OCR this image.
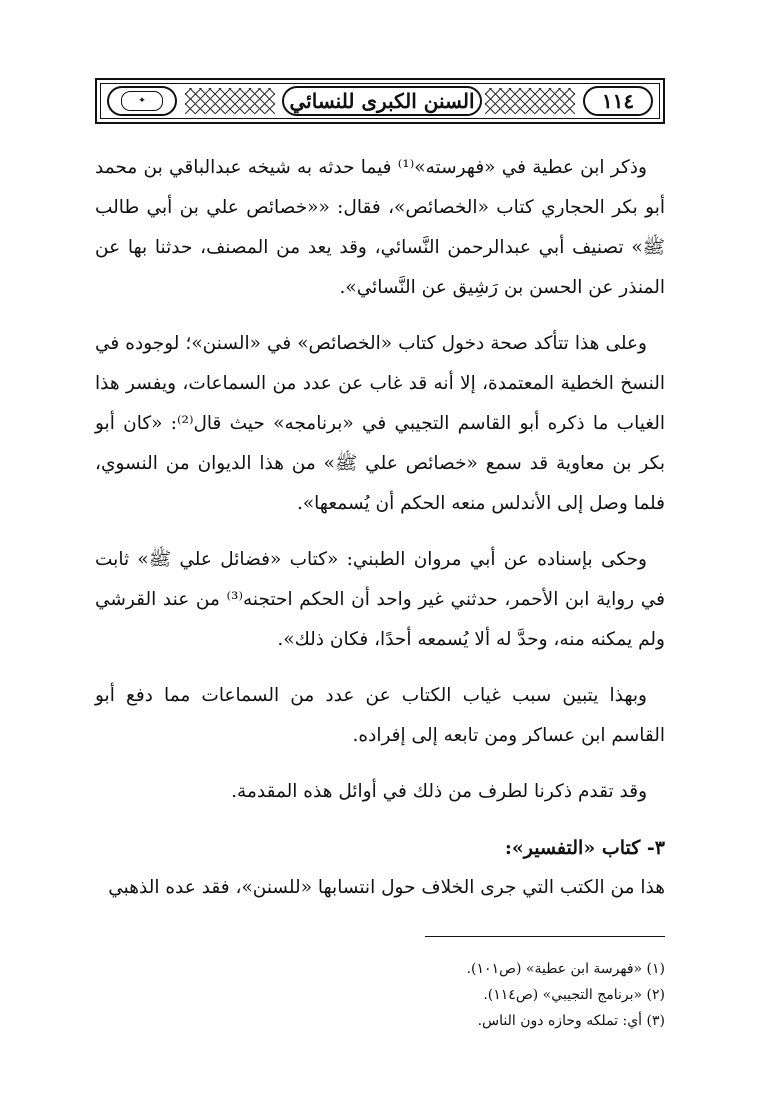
✦	السنن الكبرى للنسائي	١١٤

وذكر ابن عطية في «فهرسته»⁽¹⁾ فيما حدثه به شيخه عبدالباقي بن محمد أبو بكر الحجاري كتاب «الخصائص»، فقال: ««خصائص علي بن أبي طالب ﷺ» تصنيف أبي عبدالرحمن النَّسائي، وقد يعد من المصنف، حدثنا بها عن المنذر عن الحسن بن رَشِيق عن النَّسائي».

وعلى هذا تتأكد صحة دخول كتاب «الخصائص» في «السنن»؛ لوجوده في النسخ الخطية المعتمدة، إلا أنه قد غاب عن عدد من السماعات، ويفسر هذا الغياب ما ذكره أبو القاسم التجيبي في «برنامجه» حيث قال⁽²⁾: «كان أبو بكر بن معاوية قد سمع «خصائص علي ﷺ» من هذا الديوان من النسوي، فلما وصل إلى الأندلس منعه الحكم أن يُسمعها».

وحكى بإسناده عن أبي مروان الطبني: «كتاب «فضائل علي ﷺ» ثابت في رواية ابن الأحمر، حدثني غير واحد أن الحكم احتجنه⁽³⁾ من عند القرشي ولم يمكنه منه، وحدَّ له ألا يُسمعه أحدًا، فكان ذلك».

وبهذا يتبين سبب غياب الكتاب عن عدد من السماعات مما دفع أبو القاسم ابن عساكر ومن تابعه إلى إفراده.

وقد تقدم ذكرنا لطرف من ذلك في أوائل هذه المقدمة.

٣- كتاب «التفسير»:

هذا من الكتب التي جرى الخلاف حول انتسابها «للسنن»، فقد عده الذهبي

(١) «فهرسة ابن عطية» (ص١٠١).
(٢) «برنامج التجيبي» (ص١١٤).
(٣) أي: تملكه وحازه دون الناس.
